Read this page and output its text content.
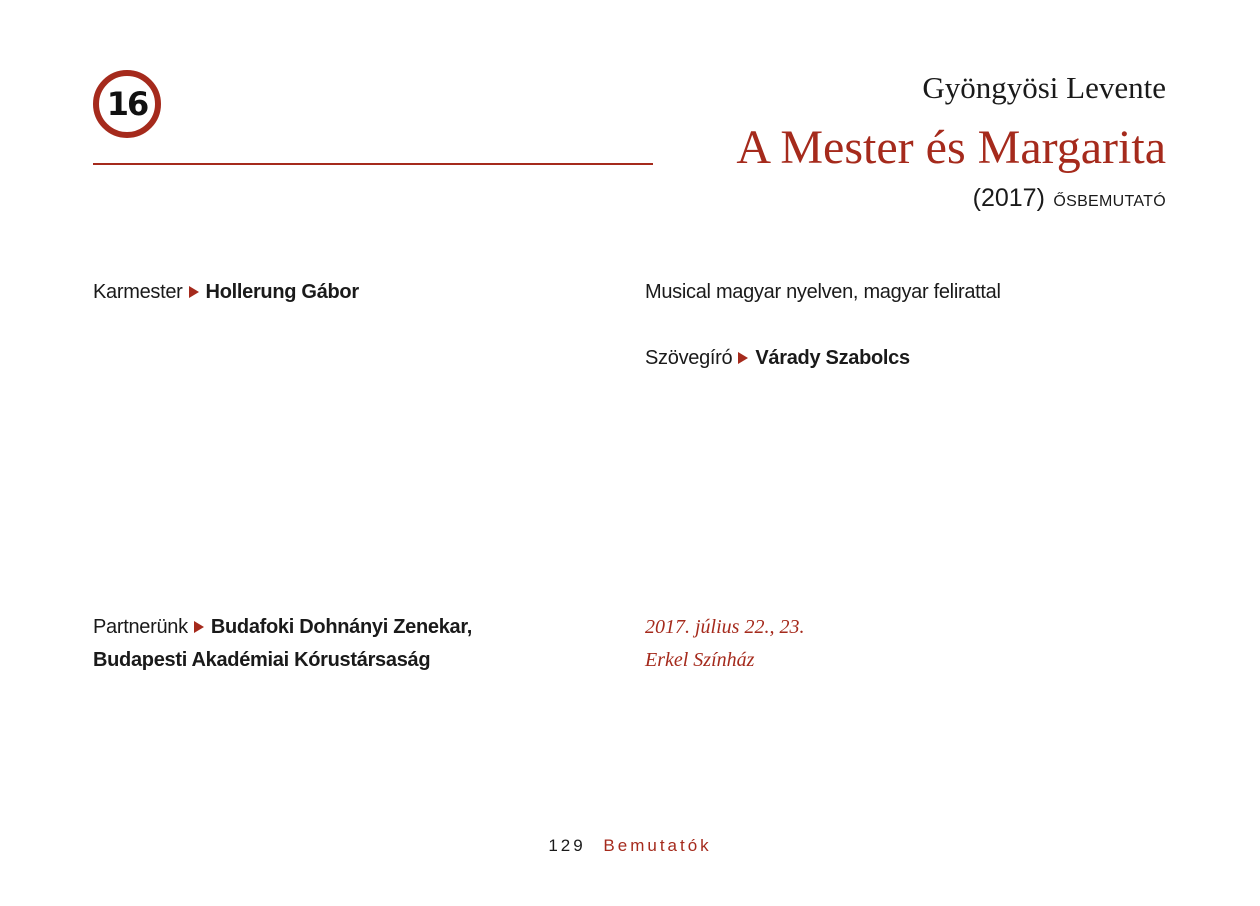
16	Gyöngyösi Levente
A Mester és Margarita
(2017) ŐSBEMUTATÓ
Karmester Hollerung Gábor	Musical magyar nyelven, magyar felirattal
Szövegíró Várady Szabolcs
Partnerünk Budafoki Dohnányi Zenekar,
Budapesti Akadémiai Kórustársaság
2017. július 22., 23.
Erkel Színház
129 Bemutatók
